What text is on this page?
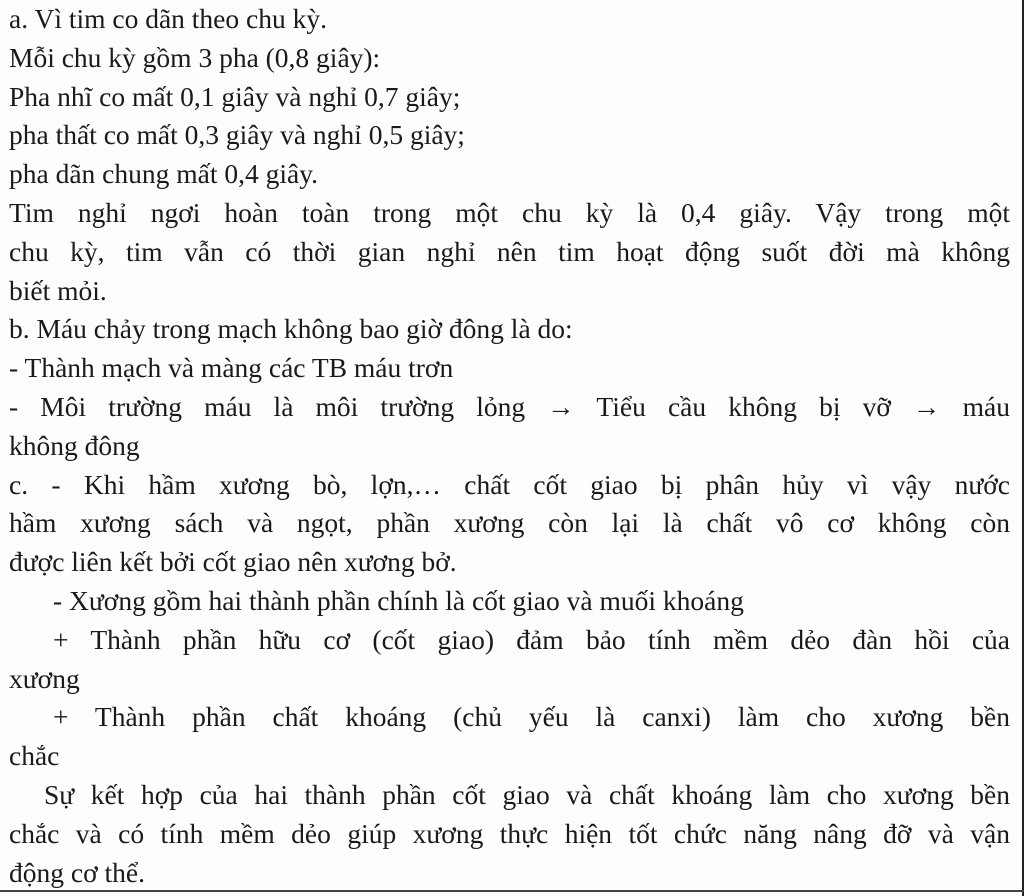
a. Vì tim co dãn theo chu kỳ.
Mỗi chu kỳ gồm 3 pha (0,8 giây):
Pha nhĩ co mất 0,1 giây và nghỉ 0,7 giây;
pha thất co mất 0,3 giây và nghỉ 0,5 giây;
pha dãn chung mất 0,4 giây.
Tim nghỉ ngơi hoàn toàn trong một chu kỳ là 0,4 giây. Vậy trong một
chu kỳ, tim vẫn có thời gian nghỉ nên tim hoạt động suốt đời mà không
biết mỏi.
b. Máu chảy trong mạch không bao giờ đông là do:
- Thành mạch và màng các TB máu trơn
- Môi trường máu là môi trường lỏng → Tiểu cầu không bị vỡ → máu
không đông
c. - Khi hầm xương bò, lợn,… chất cốt giao bị phân hủy vì vậy nước
hầm xương sách và ngọt, phần xương còn lại là chất vô cơ không còn
được liên kết bởi cốt giao nên xương bở.
- Xương gồm hai thành phần chính là cốt giao và muối khoáng
+ Thành phần hữu cơ (cốt giao) đảm bảo tính mềm dẻo đàn hồi của
xương
+ Thành phần chất khoáng (chủ yếu là canxi) làm cho xương bền
chắc
Sự kết hợp của hai thành phần cốt giao và chất khoáng làm cho xương bền
chắc và có tính mềm dẻo giúp xương thực hiện tốt chức năng nâng đỡ và vận
động cơ thể.
